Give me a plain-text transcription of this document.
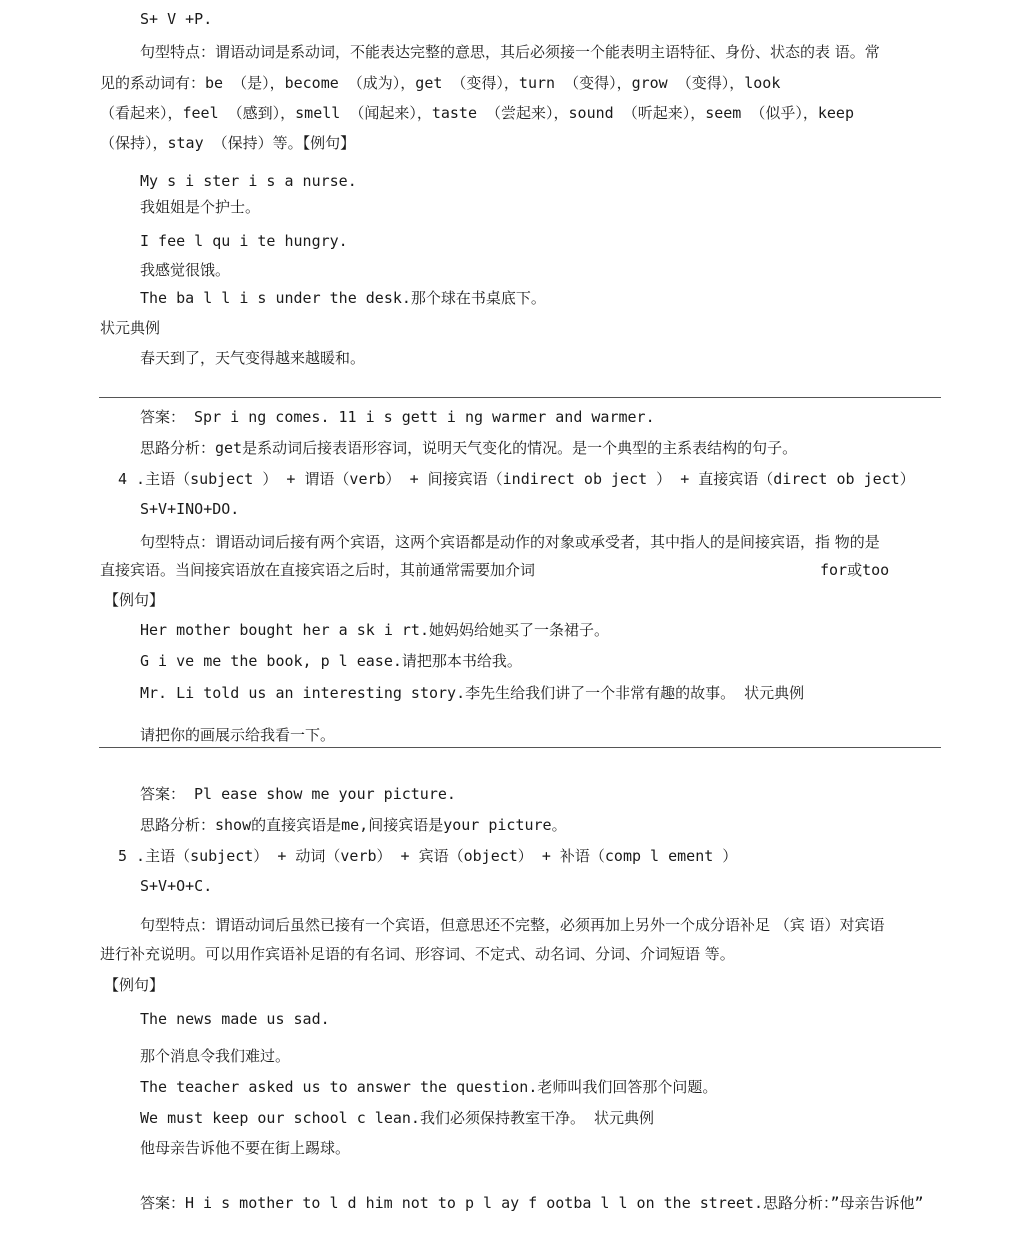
S+ V +P.
句型特点：谓语动词是系动词，不能表达完整的意思，其后必须接一个能表明主语特征、身份、状态的表 语。常
见的系动词有：be （是），become （成为），get （变得），turn （变得），grow （变得），look
（看起来），feel （感到），smell （闻起来），taste （尝起来），sound （听起来），seem （似乎），keep
（保持），stay （保持）等。【例句】
My s i ster i s a nurse.
我姐姐是个护士。
I fee l qu i te hungry.
我感觉很饿。
The ba l l i s under the desk.那个球在书桌底下。
状元典例
春天到了，天气变得越来越暖和。
答案： Spr i ng comes. 11 i s gett i ng warmer and warmer.
思路分析：get是系动词后接表语形容词，说明天气变化的情况。是一个典型的主系表结构的句子。
4 .主语（subject ） + 谓语（verb） + 间接宾语（indirect ob ject ） + 直接宾语（direct ob ject）
S+V+INO+DO.
句型特点：谓语动词后接有两个宾语，这两个宾语都是动作的对象或承受者，其中指人的是间接宾语，指 物的是
直接宾语。当间接宾语放在直接宾语之后时，其前通常需要加介词	for或too
【例句】
Her mother bought her a sk i rt.她妈妈给她买了一条裙子。
G i ve me the book, p l ease.请把那本书给我。
Mr. Li told us an interesting story.李先生给我们讲了一个非常有趣的故事。 状元典例
请把你的画展示给我看一下。
答案： Pl ease show me your picture.
思路分析：show的直接宾语是me,间接宾语是your picture。
5 .主语（subject） + 动词（verb） + 宾语（object） + 补语（comp l ement ）
S+V+O+C.
句型特点：谓语动词后虽然已接有一个宾语，但意思还不完整，必须再加上另外一个成分语补足 （宾 语）对宾语
进行补充说明。可以用作宾语补足语的有名词、形容词、不定式、动名词、分词、介词短语 等。
【例句】
The news made us sad.
那个消息令我们难过。
The teacher asked us to answer the question.老师叫我们回答那个问题。
We must keep our school c lean.我们必须保持教室干净。 状元典例
他母亲告诉他不要在街上踢球。
答案：H i s mother to l d him not to p l ay f ootba l l on the street.思路分析：”母亲告诉他”
